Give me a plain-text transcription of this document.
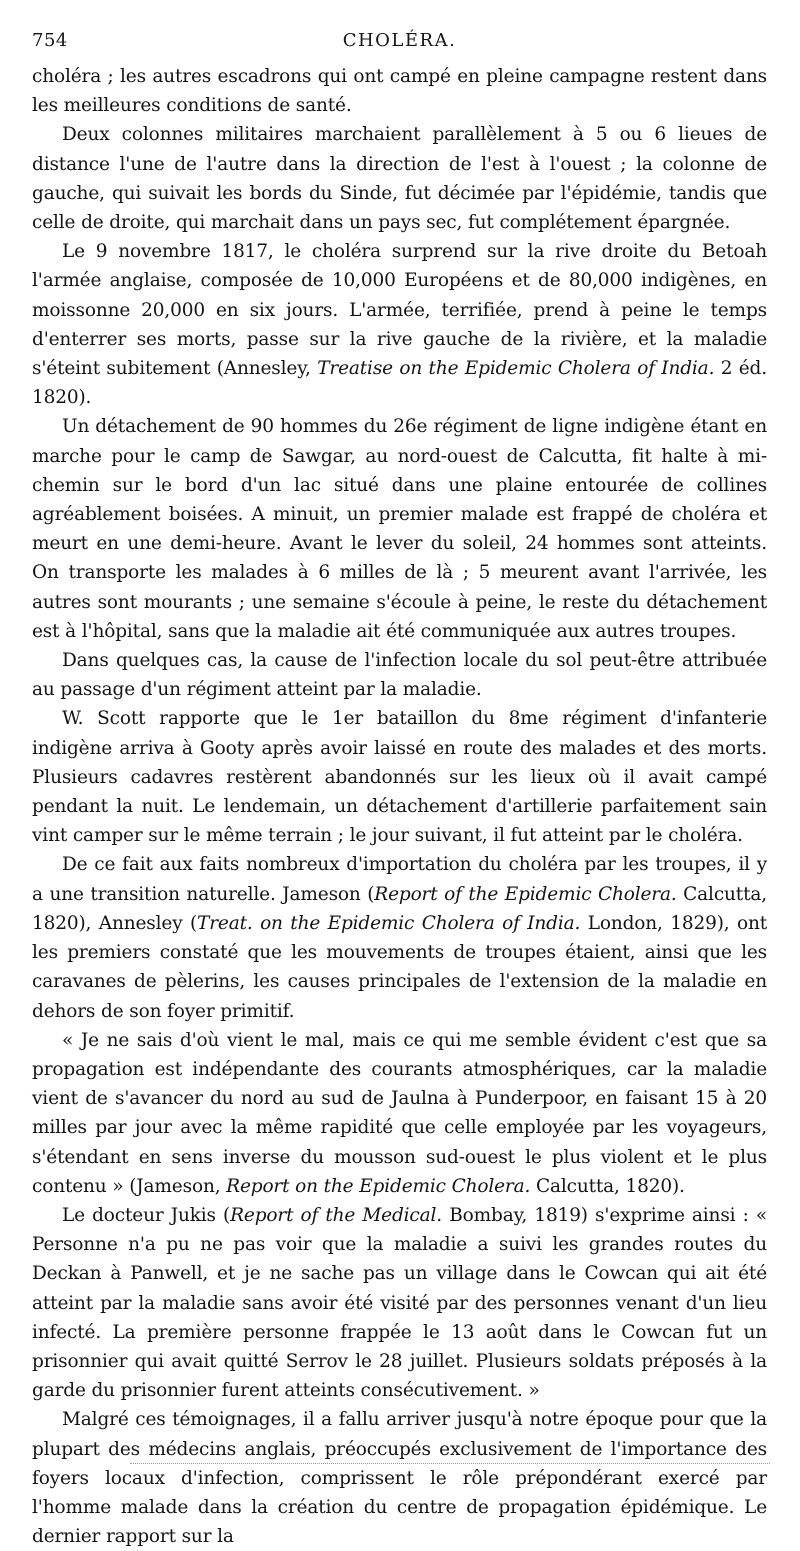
754	CHOLÉRA.

choléra ; les autres escadrons qui ont campé en pleine campagne restent dans les meilleures conditions de santé.

Deux colonnes militaires marchaient parallèlement à 5 ou 6 lieues de distance l'une de l'autre dans la direction de l'est à l'ouest ; la colonne de gauche, qui suivait les bords du Sinde, fut décimée par l'épidémie, tandis que celle de droite, qui marchait dans un pays sec, fut complétement épargnée.

Le 9 novembre 1817, le choléra surprend sur la rive droite du Betoah l'armée anglaise, composée de 10,000 Européens et de 80,000 indigènes, en moissonne 20,000 en six jours. L'armée, terrifiée, prend à peine le temps d'enterrer ses morts, passe sur la rive gauche de la rivière, et la maladie s'éteint subitement (Annesley, Treatise on the Epidemic Cholera of India. 2 éd. 1820).

Un détachement de 90 hommes du 26e régiment de ligne indigène étant en marche pour le camp de Sawgar, au nord-ouest de Calcutta, fit halte à mi-chemin sur le bord d'un lac situé dans une plaine entourée de collines agréablement boisées. A minuit, un premier malade est frappé de choléra et meurt en une demi-heure. Avant le lever du soleil, 24 hommes sont atteints. On transporte les malades à 6 milles de là ; 5 meurent avant l'arrivée, les autres sont mourants ; une semaine s'écoule à peine, le reste du détachement est à l'hôpital, sans que la maladie ait été communiquée aux autres troupes.

Dans quelques cas, la cause de l'infection locale du sol peut-être attribuée au passage d'un régiment atteint par la maladie.

W. Scott rapporte que le 1er bataillon du 8me régiment d'infanterie indigène arriva à Gooty après avoir laissé en route des malades et des morts. Plusieurs cadavres restèrent abandonnés sur les lieux où il avait campé pendant la nuit. Le lendemain, un détachement d'artillerie parfaitement sain vint camper sur le même terrain ; le jour suivant, il fut atteint par le choléra.

De ce fait aux faits nombreux d'importation du choléra par les troupes, il y a une transition naturelle. Jameson (Report of the Epidemic Cholera. Calcutta, 1820), Annesley (Treat. on the Epidemic Cholera of India. London, 1829), ont les premiers constaté que les mouvements de troupes étaient, ainsi que les caravanes de pèlerins, les causes principales de l'extension de la maladie en dehors de son foyer primitif.

« Je ne sais d'où vient le mal, mais ce qui me semble évident c'est que sa propagation est indépendante des courants atmosphériques, car la maladie vient de s'avancer du nord au sud de Jaulna à Punderpoor, en faisant 15 à 20 milles par jour avec la même rapidité que celle employée par les voyageurs, s'étendant en sens inverse du mousson sud-ouest le plus violent et le plus contenu » (Jameson, Report on the Epidemic Cholera. Calcutta, 1820).

Le docteur Jukis (Report of the Medical. Bombay, 1819) s'exprime ainsi : « Personne n'a pu ne pas voir que la maladie a suivi les grandes routes du Deckan à Panwell, et je ne sache pas un village dans le Cowcan qui ait été atteint par la maladie sans avoir été visité par des personnes venant d'un lieu infecté. La première personne frappée le 13 août dans le Cowcan fut un prisonnier qui avait quitté Serrov le 28 juillet. Plusieurs soldats préposés à la garde du prisonnier furent atteints consécutivement. »

Malgré ces témoignages, il a fallu arriver jusqu'à notre époque pour que la plupart des médecins anglais, préoccupés exclusivement de l'importance des foyers locaux d'infection, comprissent le rôle prépondérant exercé par l'homme malade dans la création du centre de propagation épidémique. Le dernier rapport sur la
